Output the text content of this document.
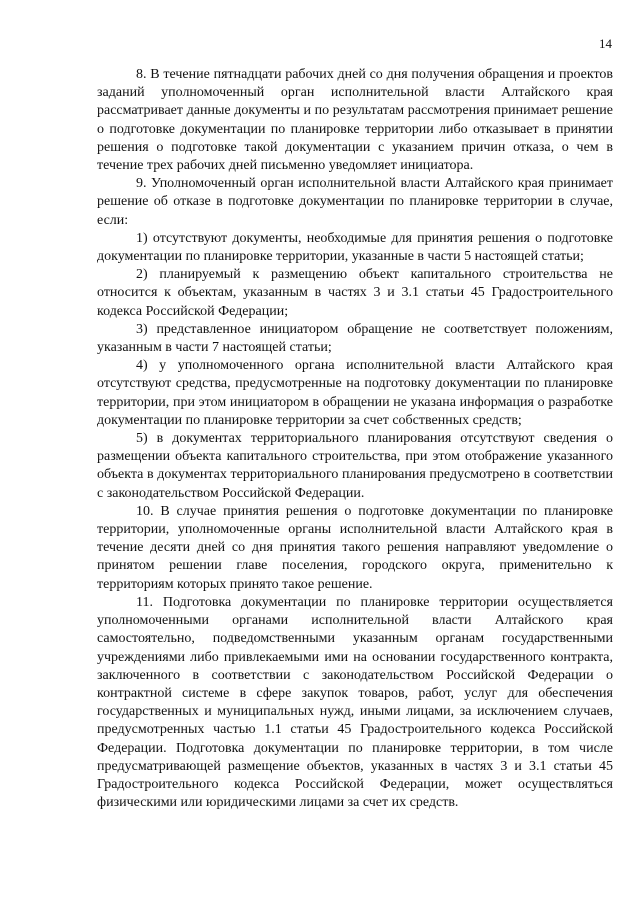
14

8. В течение пятнадцати рабочих дней со дня получения обращения и проектов заданий уполномоченный орган исполнительной власти Алтайского края рассматривает данные документы и по результатам рассмотрения принимает решение о подготовке документации по планировке территории либо отказывает в принятии решения о подготовке такой документации с указанием причин отказа, о чем в течение трех рабочих дней письменно уведомляет инициатора.

9. Уполномоченный орган исполнительной власти Алтайского края принимает решение об отказе в подготовке документации по планировке территории в случае, если:

1) отсутствуют документы, необходимые для принятия решения о подготовке документации по планировке территории, указанные в части 5 настоящей статьи;

2) планируемый к размещению объект капитального строительства не относится к объектам, указанным в частях 3 и 3.1 статьи 45 Градостроительного кодекса Российской Федерации;

3) представленное инициатором обращение не соответствует положениям, указанным в части 7 настоящей статьи;

4) у уполномоченного органа исполнительной власти Алтайского края отсутствуют средства, предусмотренные на подготовку документации по планировке территории, при этом инициатором в обращении не указана информация о разработке документации по планировке территории за счет собственных средств;

5) в документах территориального планирования отсутствуют сведения о размещении объекта капитального строительства, при этом отображение указанного объекта в документах территориального планирования предусмотрено в соответствии с законодательством Российской Федерации.

10. В случае принятия решения о подготовке документации по планировке территории, уполномоченные органы исполнительной власти Алтайского края в течение десяти дней со дня принятия такого решения направляют уведомление о принятом решении главе поселения, городского округа, применительно к территориям которых принято такое решение.

11. Подготовка документации по планировке территории осуществляется уполномоченными органами исполнительной власти Алтайского края самостоятельно, подведомственными указанным органам государственными учреждениями либо привлекаемыми ими на основании государственного контракта, заключенного в соответствии с законодательством Российской Федерации о контрактной системе в сфере закупок товаров, работ, услуг для обеспечения государственных и муниципальных нужд, иными лицами, за исключением случаев, предусмотренных частью 1.1 статьи 45 Градостроительного кодекса Российской Федерации. Подготовка документации по планировке территории, в том числе предусматривающей размещение объектов, указанных в частях 3 и 3.1 статьи 45 Градостроительного кодекса Российской Федерации, может осуществляться физическими или юридическими лицами за счет их средств.
